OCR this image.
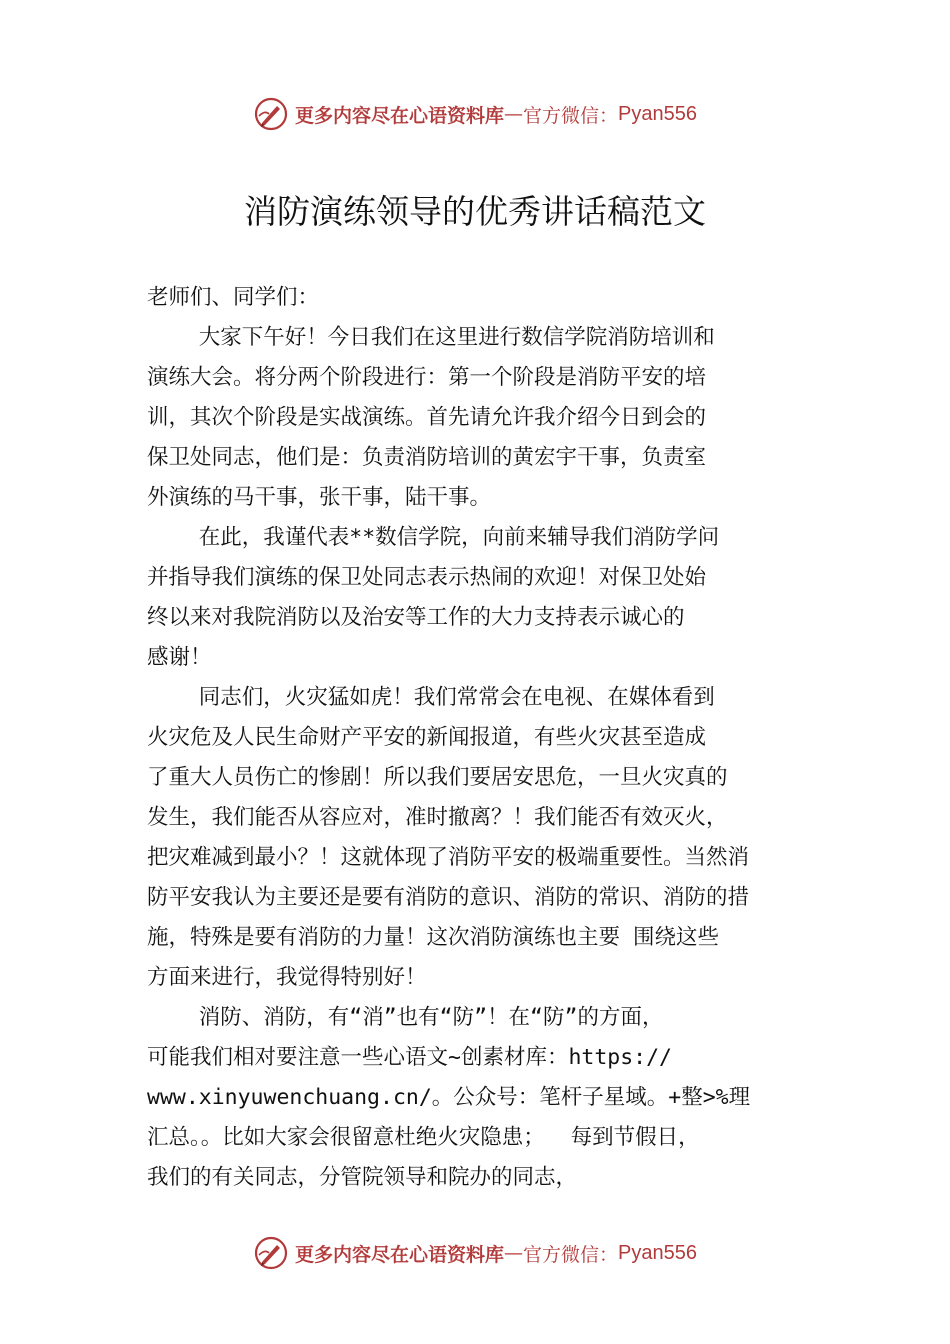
更多内容尽在心语资料库 — 官方微信： Pyan556
消防演练领导的优秀讲话稿范文

老师们、同学们：

大家下午好！今日我们在这里进行数信学院消防培训和

演练大会。将分两个阶段进行：第一个阶段是消防平安的培

训，其次个阶段是实战演练。首先请允许我介绍今日到会的

保卫处同志，他们是：负责消防培训的黄宏宇干事，负责室

外演练的马干事，张干事，陆干事。

在此，我谨代表**数信学院，向前来辅导我们消防学问

并指导我们演练的保卫处同志表示热闹的欢迎！对保卫处始

终以来对我院消防以及治安等工作的大力支持表示诚心的

感谢！

同志们，火灾猛如虎！我们常常会在电视、在媒体看到

火灾危及人民生命财产平安的新闻报道，有些火灾甚至造成

了重大人员伤亡的惨剧！所以我们要居安思危，一旦火灾真的

发生，我们能否从容应对，准时撤离？！我们能否有效灭火，

把灾难减到最小？！这就体现了消防平安的极端重要性。当然消

防平安我认为主要还是要有消防的意识、消防的常识、消防的措

施，特殊是要有消防的力量！这次消防演练也主要 围绕这些

方面来进行，我觉得特别好！

消防、消防，有“消”也有“防”！在“防”的方面，

可能我们相对要注意一些心语文~创素材库：https://

www.xinyuwenchuang.cn/。公众号：笔杆子星域。+整>%理

汇总。。比如大家会很留意杜绝火灾隐患；  每到节假日，

我们的有关同志，分管院领导和院办的同志，

更多内容尽在心语资料库 — 官方微信： Pyan556
